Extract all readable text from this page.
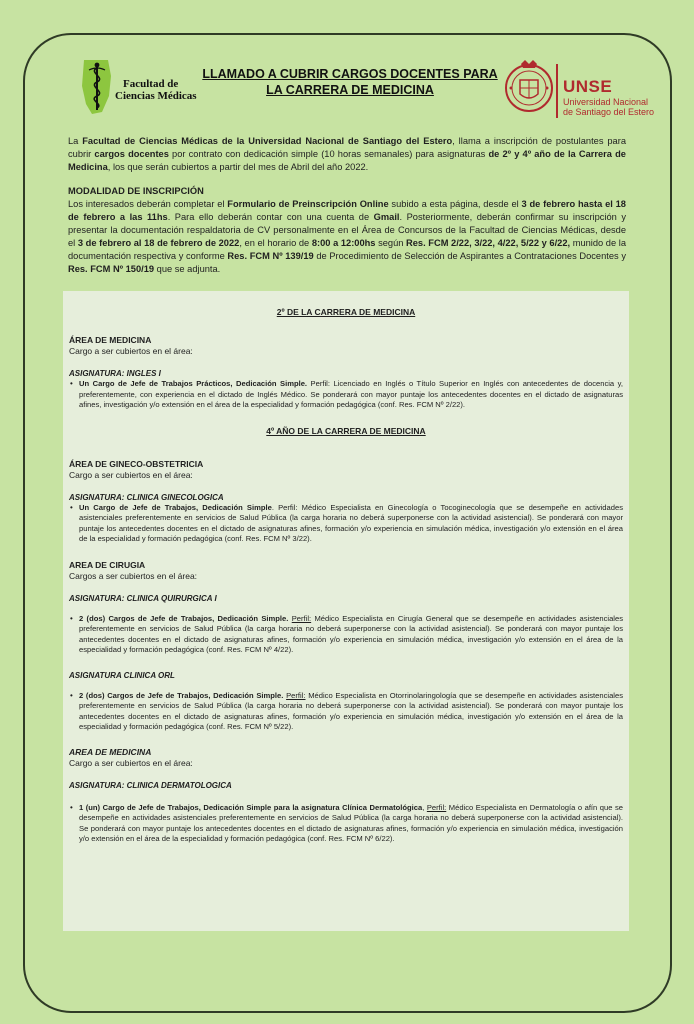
Facultad de
Ciencias Médicas
LLAMADO A CUBRIR CARGOS DOCENTES PARA
LA CARRERA DE MEDICINA	UNSE
Universidad Nacional
de Santiago del Estero

La Facultad de Ciencias Médicas de la Universidad Nacional de Santiago del Estero, llama a inscripción de postulantes para cubrir cargos docentes por contrato con dedicación simple (10 horas semanales) para asignaturas de 2º y 4º año de la Carrera de Medicina, los que serán cubiertos a partir del mes de Abril del año 2022.

MODALIDAD DE INSCRIPCIÓN

Los interesados deberán completar el Formulario de Preinscripción Online subido a esta página, desde el 3 de febrero hasta el 18 de febrero a las 11hs. Para ello deberán contar con una cuenta de Gmail. Posteriormente, deberán confirmar su inscripción y presentar la documentación respaldatoria de CV personalmente en el Área de Concursos de la Facultad de Ciencias Médicas, desde el 3 de febrero al 18 de febrero de 2022, en el horario de 8:00 a 12:00hs según Res. FCM 2/22, 3/22, 4/22, 5/22 y 6/22, munido de la documentación respectiva y conforme Res. FCM Nº 139/19 de Procedimiento de Selección de Aspirantes a Contrataciones Docentes y Res. FCM Nº 150/19 que se adjunta.

2º DE LA CARRERA DE MEDICINA
ÁREA DE MEDICINA
Cargo a ser cubiertos en el área:
ASIGNATURA: INGLES I
• Un Cargo de Jefe de Trabajos Prácticos, Dedicación Simple. Perfil: Licenciado en Inglés o Título Superior en Inglés con antecedentes de docencia y, preferentemente, con experiencia en el dictado de Inglés Médico. Se ponderará con mayor puntaje los antecedentes docentes en el dictado de asignaturas afines, investigación y/o extensión en el área de la especialidad y formación pedagógica (conf. Res. FCM Nº 2/22).
4º AÑO DE LA CARRERA DE MEDICINA
ÁREA DE GINECO-OBSTETRICIA
Cargo a ser cubiertos en el área:
ASIGNATURA: CLINICA GINECOLOGICA
• Un Cargo de Jefe de Trabajos, Dedicación Simple. Perfil: Médico Especialista en Ginecología o Tocoginecología que se desempeñe en actividades asistenciales preferentemente en servicios de Salud Pública (la carga horaria no deberá superponerse con la actividad asistencial). Se ponderará con mayor puntaje los antecedentes docentes en el dictado de asignaturas afines, formación y/o experiencia en simulación médica, investigación y/o extensión en el área de la especialidad y formación pedagógica (conf. Res. FCM Nº 3/22).
AREA DE CIRUGIA
Cargos a ser cubiertos en el área:
ASIGNATURA: CLINICA QUIRURGICA I
• 2 (dos) Cargos de Jefe de Trabajos, Dedicación Simple. Perfil: Médico Especialista en Cirugía General que se desempeñe en actividades asistenciales preferentemente en servicios de Salud Pública (la carga horaria no deberá superponerse con la actividad asistencial). Se ponderará con mayor puntaje los antecedentes docentes en el dictado de asignaturas afines, formación y/o experiencia en simulación médica, investigación y/o extensión en el área de la especialidad y formación pedagógica (conf. Res. FCM Nº 4/22).
ASIGNATURA CLINICA ORL
• 2 (dos) Cargos de Jefe de Trabajos, Dedicación Simple. Perfil: Médico Especialista en Otorrinolaringología que se desempeñe en actividades asistenciales preferentemente en servicios de Salud Pública (la carga horaria no deberá superponerse con la actividad asistencial). Se ponderará con mayor puntaje los antecedentes docentes en el dictado de asignaturas afines, formación y/o experiencia en simulación médica, investigación y/o extensión en el área de la especialidad y formación pedagógica (conf. Res. FCM Nº 5/22).
AREA DE MEDICINA
Cargo a ser cubiertos en el área:
ASIGNATURA: CLINICA DERMATOLOGICA
• 1 (un) Cargo de Jefe de Trabajos, Dedicación Simple para la asignatura Clínica Dermatológica, Perfil: Médico Especialista en Dermatología o afín que se desempeñe en actividades asistenciales preferentemente en servicios de Salud Pública (la carga horaria no deberá superponerse con la actividad asistencial). Se ponderará con mayor puntaje los antecedentes docentes en el dictado de asignaturas afines, formación y/o experiencia en simulación médica, investigación y/o extensión en el área de la especialidad y formación pedagógica (conf. Res. FCM Nº 6/22).
